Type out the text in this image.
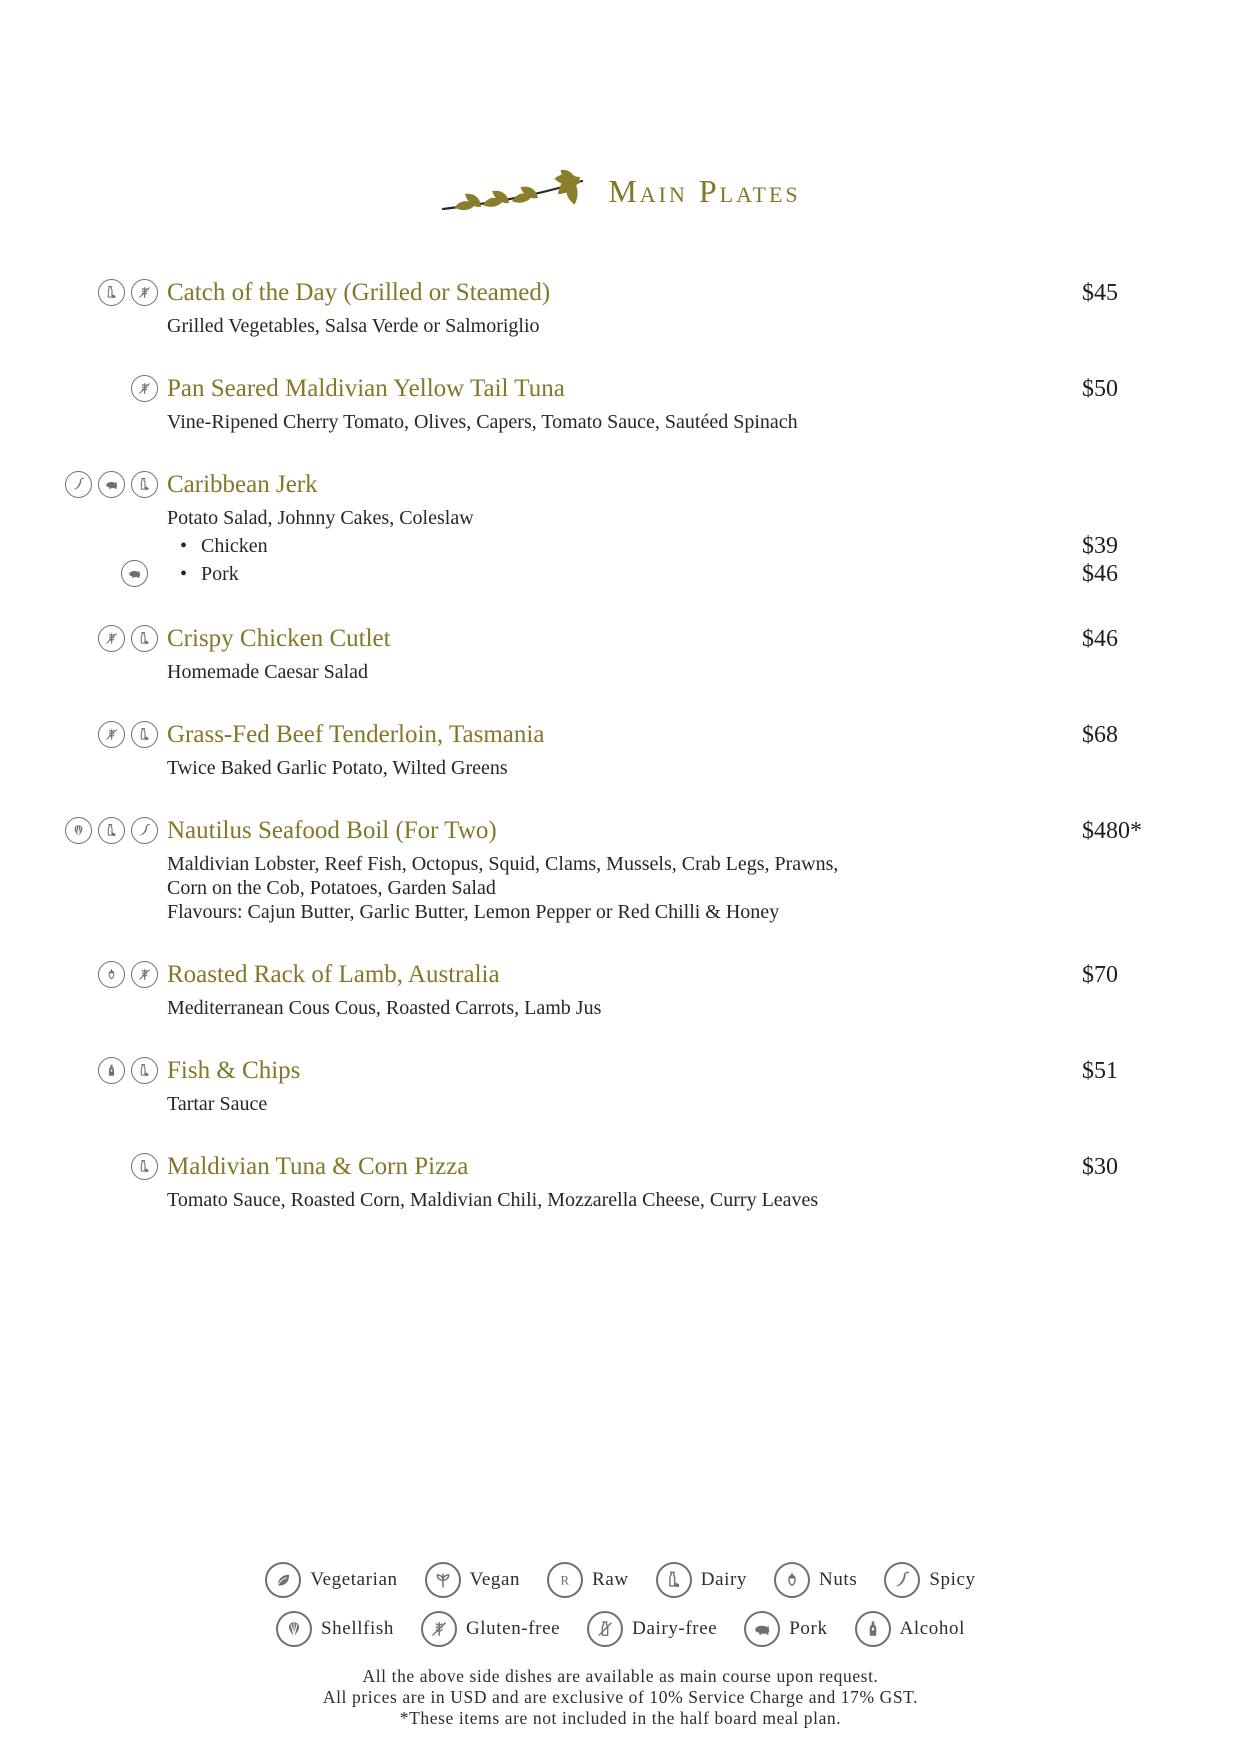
Main Plates
Catch of the Day (Grilled or Steamed)	$45
Grilled Vegetables, Salsa Verde or Salmoriglio
Pan Seared Maldivian Yellow Tail Tuna	$50
Vine-Ripened Cherry Tomato, Olives, Capers, Tomato Sauce, Sautéed Spinach
Caribbean Jerk
Potato Salad, Johnny Cakes, Coleslaw
• Chicken	$39
• Pork	$46
Crispy Chicken Cutlet	$46
Homemade Caesar Salad
Grass-Fed Beef Tenderloin, Tasmania	$68
Twice Baked Garlic Potato, Wilted Greens
Nautilus Seafood Boil (For Two)	$480*
Maldivian Lobster, Reef Fish, Octopus, Squid, Clams, Mussels, Crab Legs, Prawns,
Corn on the Cob, Potatoes, Garden Salad
Flavours: Cajun Butter, Garlic Butter, Lemon Pepper or Red Chilli & Honey
Roasted Rack of Lamb, Australia	$70
Mediterranean Cous Cous, Roasted Carrots, Lamb Jus
Fish & Chips	$51
Tartar Sauce
Maldivian Tuna & Corn Pizza	$30
Tomato Sauce, Roasted Corn, Maldivian Chili, Mozzarella Cheese, Curry Leaves
Vegetarian	Vegan	R Raw	Dairy	Nuts	Spicy
Shellfish	Gluten-free	Dairy-free	Pork	Alcohol
All the above side dishes are available as main course upon request.
All prices are in USD and are exclusive of 10% Service Charge and 17% GST.
*These items are not included in the half board meal plan.
